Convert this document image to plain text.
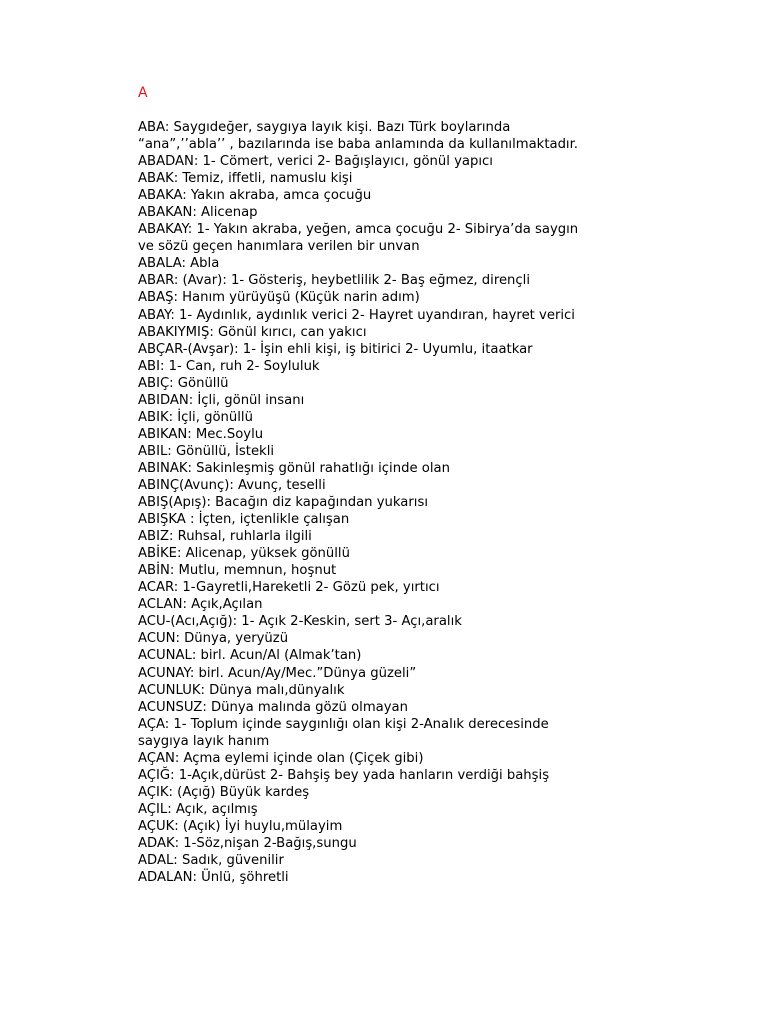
A
ABA: Saygıdeğer, saygıya layık kişi. Bazı Türk boylarında
“ana”,’’abla’’ , bazılarında ise baba anlamında da kullanılmaktadır.
ABADAN: 1- Cömert, verici 2- Bağışlayıcı, gönül yapıcı
ABAK: Temiz, iffetli, namuslu kişi
ABAKA: Yakın akraba, amca çocuğu
ABAKAN: Alicenap
ABAKAY: 1- Yakın akraba, yeğen, amca çocuğu 2- Sibirya’da saygın
ve sözü geçen hanımlara verilen bir unvan
ABALA: Abla
ABAR: (Avar): 1- Gösteriş, heybetlilik 2- Baş eğmez, dirençli
ABAŞ: Hanım yürüyüşü (Küçük narin adım)
ABAY: 1- Aydınlık, aydınlık verici 2- Hayret uyandıran, hayret verici
ABAKIYMIŞ: Gönül kırıcı, can yakıcı
ABÇAR-(Avşar): 1- İşin ehli kişi, iş bitirici 2- Uyumlu, itaatkar
ABI: 1- Can, ruh 2- Soyluluk
ABIÇ: Gönüllü
ABIDAN: İçli, gönül insanı
ABIK: İçli, gönüllü
ABIKAN: Mec.Soylu
ABIL: Gönüllü, İstekli
ABINAK: Sakinleşmiş gönül rahatlığı içinde olan
ABINÇ(Avunç): Avunç, teselli
ABIŞ(Apış): Bacağın diz kapağından yukarısı
ABIŞKA : İçten, içtenlikle çalışan
ABIZ: Ruhsal, ruhlarla ilgili
ABİKE: Alicenap, yüksek gönüllü
ABİN: Mutlu, memnun, hoşnut
ACAR: 1-Gayretli,Hareketli 2- Gözü pek, yırtıcı
ACLAN: Açık,Açılan
ACU-(Acı,Açığ): 1- Açık 2-Keskin, sert 3- Açı,aralık
ACUN: Dünya, yeryüzü
ACUNAL: birl. Acun/Al (Almak’tan)
ACUNAY: birl. Acun/Ay/Mec.”Dünya güzeli”
ACUNLUK: Dünya malı,dünyalık
ACUNSUZ: Dünya malında gözü olmayan
AÇA: 1- Toplum içinde saygınlığı olan kişi 2-Analık derecesinde
saygıya layık hanım
AÇAN: Açma eylemi içinde olan (Çiçek gibi)
AÇIĞ: 1-Açık,dürüst 2- Bahşiş bey yada hanların verdiği bahşiş
AÇIK: (Açığ) Büyük kardeş
AÇIL: Açık, açılmış
AÇUK: (Açık) İyi huylu,mülayim
ADAK: 1-Söz,nişan 2-Bağış,sungu
ADAL: Sadık, güvenilir
ADALAN: Ünlü, şöhretli
